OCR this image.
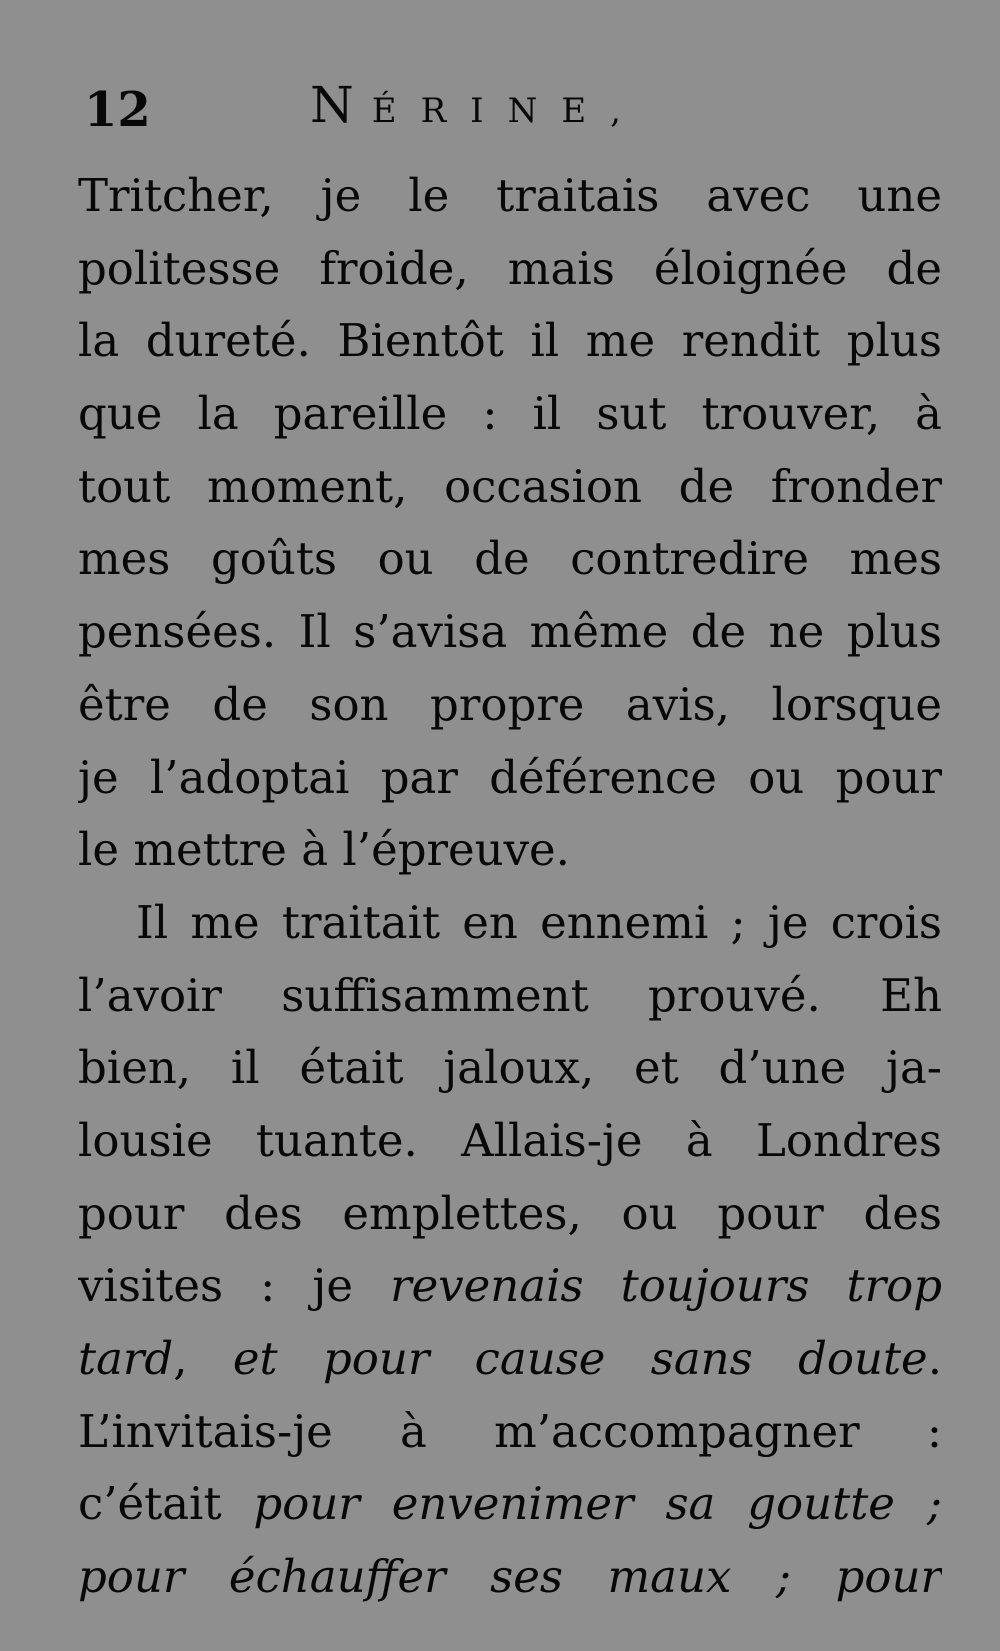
12	N ÉRINE,
Tritcher, je le traitais avec une
politesse froide, mais éloignée de
la dureté. Bientôt il me rendit plus
que la pareille : il sut trouver, à
tout moment, occasion de fronder
mes goûts ou de contredire mes
pensées. Il s’avisa même de ne plus
être de son propre avis, lorsque
je l’adoptai par déférence ou pour
le mettre à l’épreuve.
Il me traitait en ennemi ; je crois
l’avoir suffisamment prouvé. Eh
bien, il était jaloux, et d’une ja-
lousie tuante. Allais-je à Londres
pour des emplettes, ou pour des
visites : je revenais toujours trop
tard, et pour cause sans doute.
L’invitais-je à m’accompagner :
c’était pour envenimer sa goutte ;
pour échauffer ses maux ; pour
